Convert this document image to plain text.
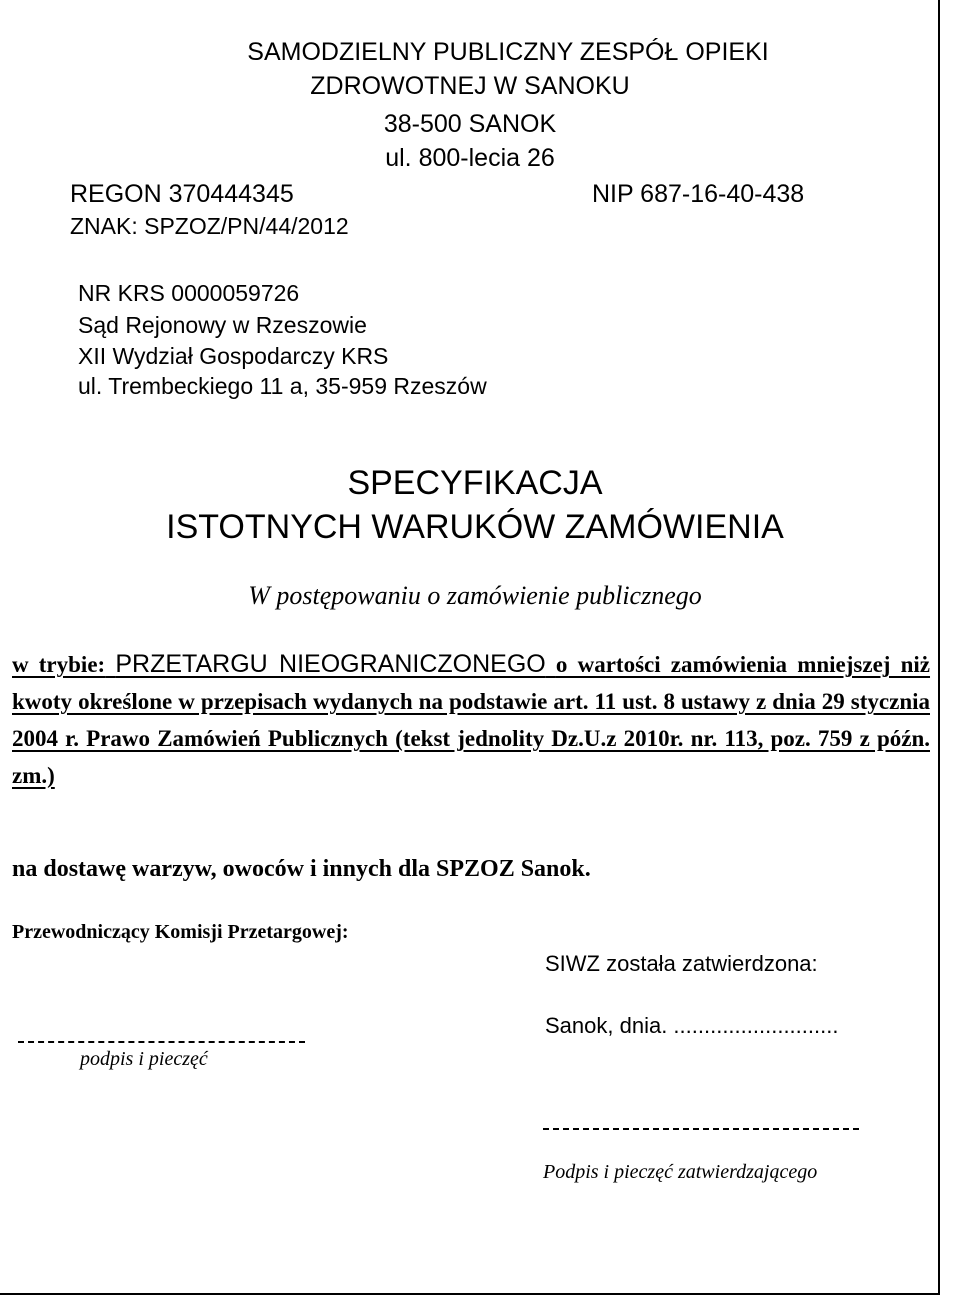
SAMODZIELNY PUBLICZNY ZESPÓŁ OPIEKI
ZDROWOTNEJ W SANOKU
38-500 SANOK
ul. 800-lecia 26
REGON 370444345	NIP 687-16-40-438
ZNAK: SPZOZ/PN/44/2012
NR KRS 0000059726
Sąd Rejonowy w Rzeszowie
XII Wydział Gospodarczy KRS
ul. Trembeckiego 11 a, 35-959 Rzeszów
SPECYFIKACJA
ISTOTNYCH WARUKÓW ZAMÓWIENIA
W postępowaniu o zamówienie publicznego
w trybie: PRZETARGU NIEOGRANICZONEGO o wartości zamówienia mniejszej niż kwoty określone w przepisach wydanych na podstawie art. 11 ust. 8 ustawy z dnia 29 stycznia 2004 r. Prawo Zamówień Publicznych (tekst jednolity Dz.U.z 2010r. nr. 113, poz. 759 z późn. zm.)
na dostawę warzyw, owoców i innych dla SPZOZ Sanok.
Przewodniczący Komisji Przetargowej:
podpis i pieczęć
SIWZ została zatwierdzona:
Sanok, dnia. ...........................
Podpis i pieczęć zatwierdzającego
